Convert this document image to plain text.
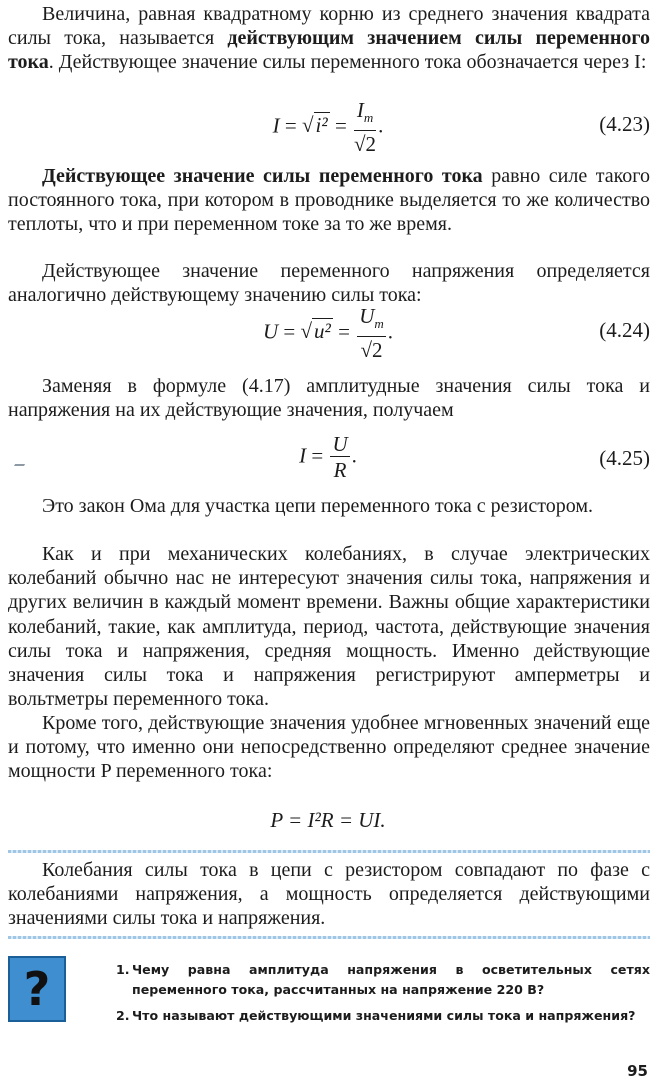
Величина, равная квадратному корню из среднего значения квадрата силы тока, называется действующим значением силы переменного тока. Действующее значение силы переменного тока обозначается через I:

$I = √i^2 = \frac{I_m}{√2}$ .	(4.23)

Действующее значение силы переменного тока равно силе такого постоянного тока, при котором в проводнике выделяется то же количество теплоты, что и при переменном токе за то же время.

Действующее значение переменного напряжения определяется аналогично действующему значению силы тока:

$U = √u^2 = \frac{U_m}{√2}$ .	(4.24)

Заменяя в формуле (4.17) амплитудные значения силы тока и напряжения на их действующие значения, получаем

$I = \frac{U}{R}$ .	(4.25)

Это закон Ома для участка цепи переменного тока с резистором.

Как и при механических колебаниях, в случае электрических колебаний обычно нас не интересуют значения силы тока, напряжения и других величин в каждый момент времени. Важны общие характеристики колебаний, такие, как амплитуда, период, частота, действующие значения силы тока и напряжения, средняя мощность. Именно действующие значения силы тока и напряжения регистрируют амперметры и вольтметры переменного тока.

Кроме того, действующие значения удобнее мгновенных значений еще и потому, что именно они непосредственно определяют среднее значение мощности P переменного тока:

P = I²R = UI.

Колебания силы тока в цепи с резистором совпадают по фазе с колебаниями напряжения, а мощность определяется действующими значениями силы тока и напряжения.

?	1. Чему равна амплитуда напряжения в осветительных сетях переменного тока, рассчитанных на напряжение 220 В?
2. Что называют действующими значениями силы тока и напряжения?
95
